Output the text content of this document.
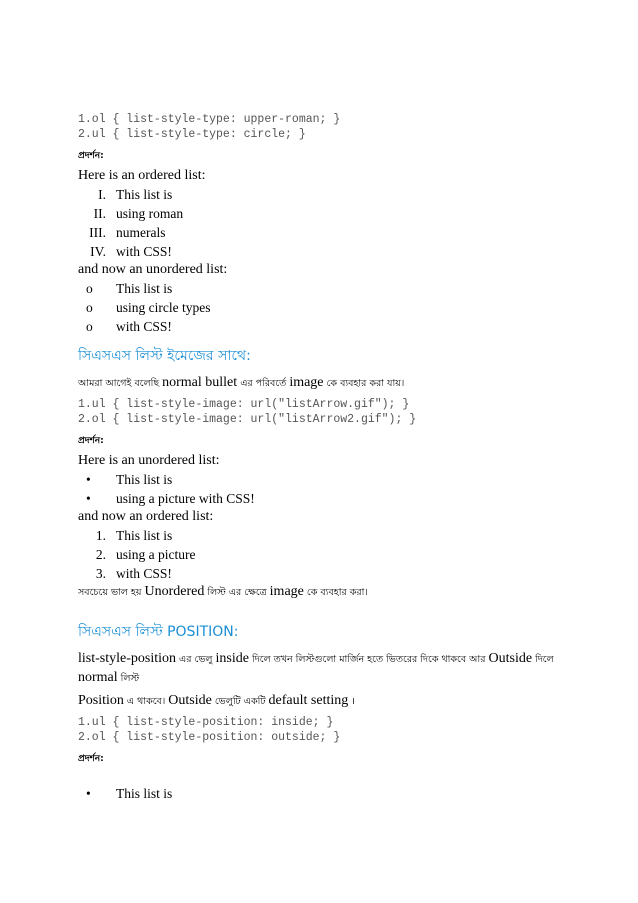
1.ol { list-style-type: upper-roman; }
2.ul { list-style-type: circle; }
প্রদর্শন:
Here is an ordered list:
I. This list is
II. using roman
III. numerals
IV. with CSS!
and now an unordered list:
o	This list is
o	using circle types
o	with CSS!
সিএসএস লিস্ট ইমেজের সাথে:
আমরা আগেই বলেছি normal bullet এর পরিবর্তে image কে ব্যবহার করা যায়।
1.ul { list-style-image: url("listArrow.gif"); }
2.ol { list-style-image: url("listArrow2.gif"); }
প্রদর্শন:
Here is an unordered list:
•	This list is
•	using a picture with CSS!
and now an ordered list:
1. This list is
2. using a picture
3. with CSS!
সবচেয়ে ভাল হয় Unordered লিস্ট এর ক্ষেত্রে image কে ব্যবহার করা।
সিএসএস লিস্ট POSITION:
list-style-position এর ভেলু inside দিলে তখন লিস্টগুলো মার্জিন হতে ভিতরের দিকে থাকবে আর Outside দিলে normal লিস্ট
Position এ থাকবে। Outside ভেলুটি একটি default setting ।
1.ul { list-style-position: inside; }
2.ol { list-style-position: outside; }
প্রদর্শন:
•	This list is
